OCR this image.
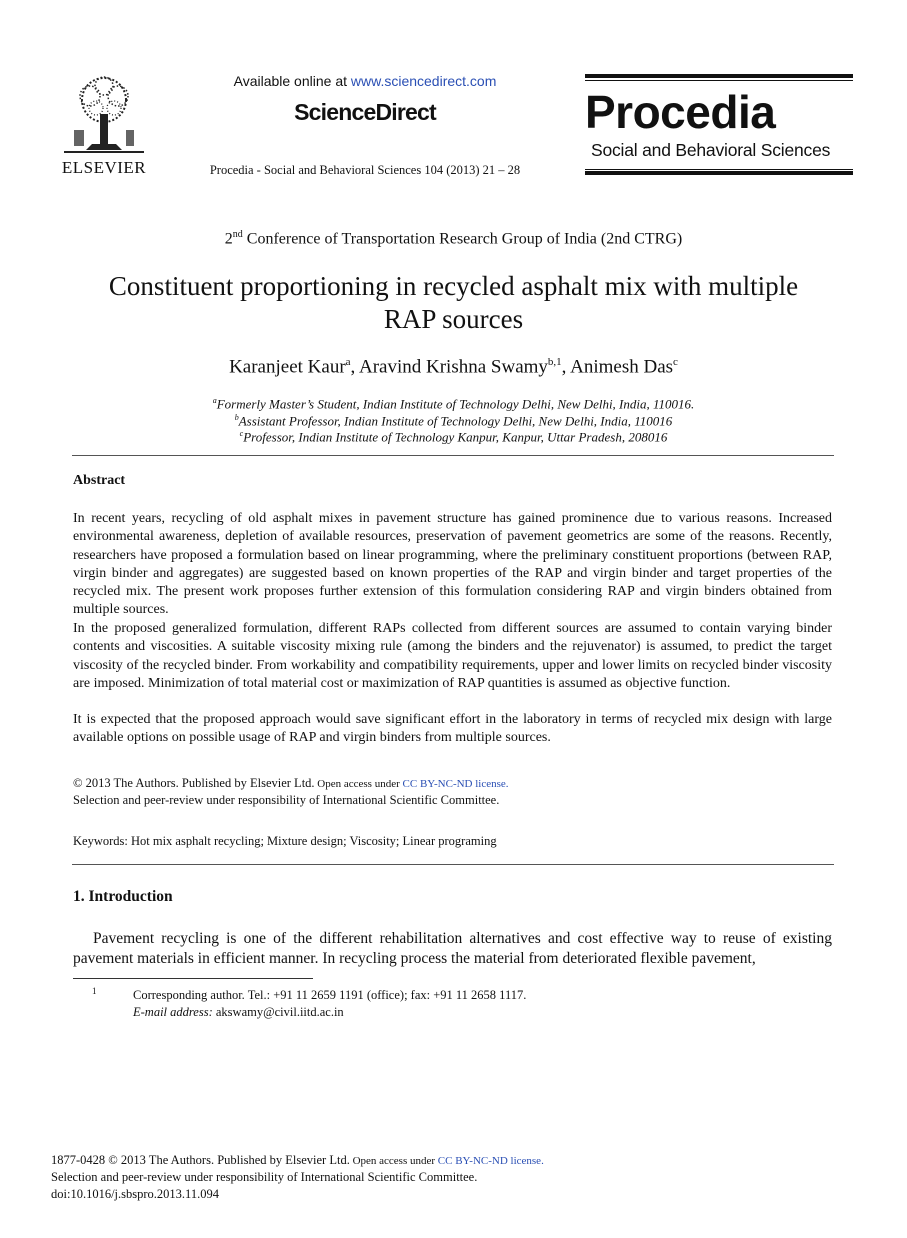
ELSEVIER
Available online at www.sciencedirect.com
ScienceDirect
Procedia - Social and Behavioral Sciences 104 (2013) 21 – 28
Procedia
Social and Behavioral Sciences
2nd Conference of Transportation Research Group of India (2nd CTRG)
Constituent proportioning in recycled asphalt mix with multiple
RAP sources
Karanjeet Kaur$^a$, Aravind Krishna Swamy$^{b,1}$, Animesh Das$^c$
$^a$Formerly Master’s Student, Indian Institute of Technology Delhi, New Delhi, India, 110016.
$^b$Assistant Professor, Indian Institute of Technology Delhi, New Delhi, India, 110016
$^c$Professor, Indian Institute of Technology Kanpur, Kanpur, Uttar Pradesh, 208016
Abstract

In recent years, recycling of old asphalt mixes in pavement structure has gained prominence due to various reasons. Increased environmental awareness, depletion of available resources, preservation of pavement geometrics are some of the reasons. Recently, researchers have proposed a formulation based on linear programming, where the preliminary constituent proportions (between RAP, virgin binder and aggregates) are suggested based on known properties of the RAP and virgin binder and target properties of the recycled mix. The present work proposes further extension of this formulation considering RAP and virgin binders obtained from multiple sources.

In the proposed generalized formulation, different RAPs collected from different sources are assumed to contain varying binder contents and viscosities. A suitable viscosity mixing rule (among the binders and the rejuvenator) is assumed, to predict the target viscosity of the recycled binder. From workability and compatibility requirements, upper and lower limits on recycled binder viscosity are imposed. Minimization of total material cost or maximization of RAP quantities is assumed as objective function.

It is expected that the proposed approach would save significant effort in the laboratory in terms of recycled mix design with large available options on possible usage of RAP and virgin binders from multiple sources.

© 2013 The Authors. Published by Elsevier Ltd. Open access under CC BY-NC-ND license.
Selection and peer-review under responsibility of International Scientific Committee.
Keywords: Hot mix asphalt recycling; Mixture design; Viscosity; Linear programing
1. Introduction

Pavement recycling is one of the different rehabilitation alternatives and cost effective way to reuse of existing pavement materials in efficient manner. In recycling process the material from deteriorated flexible pavement,

1	Corresponding author. Tel.: +91 11 2659 1191 (office); fax: +91 11 2658 1117.
E-mail address: akswamy@civil.iitd.ac.in
1877-0428 © 2013 The Authors. Published by Elsevier Ltd. Open access under CC BY-NC-ND license.
Selection and peer-review under responsibility of International Scientific Committee.
doi:10.1016/j.sbspro.2013.11.094
